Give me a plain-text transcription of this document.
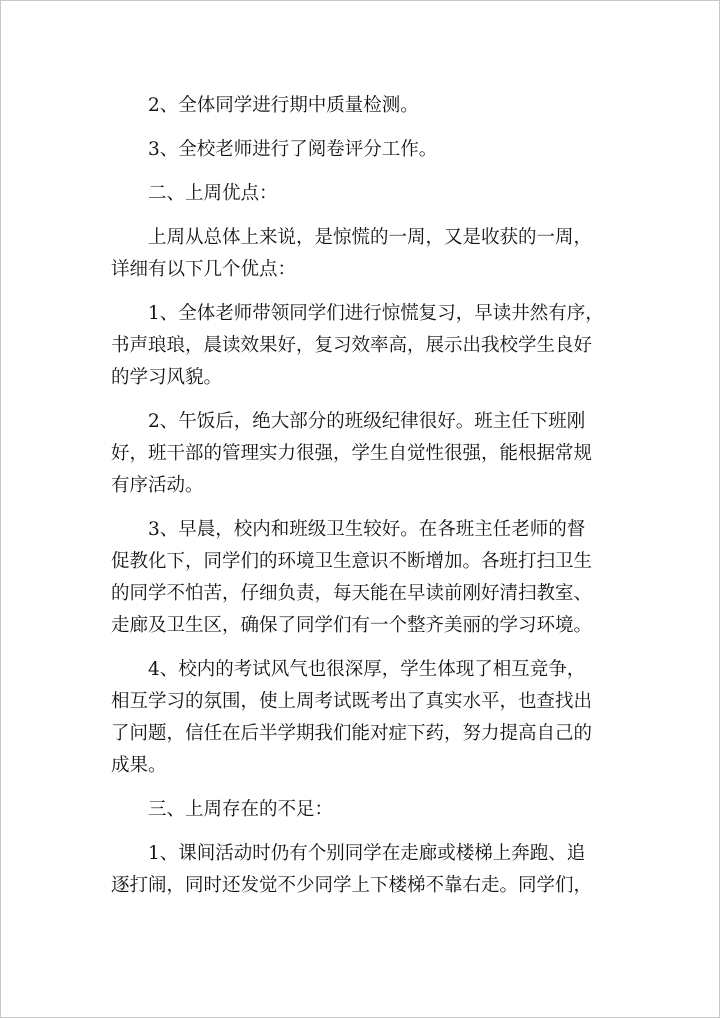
2、全体同学进行期中质量检测。
3、全校老师进行了阅卷评分工作。
二、上周优点：
上周从总体上来说，是惊慌的一周，又是收获的一周，
详细有以下几个优点：
1、全体老师带领同学们进行惊慌复习，早读井然有序，
书声琅琅，晨读效果好，复习效率高，展示出我校学生良好
的学习风貌。
2、午饭后，绝大部分的班级纪律很好。班主任下班刚
好，班干部的管理实力很强，学生自觉性很强，能根据常规
有序活动。
3、早晨，校内和班级卫生较好。在各班主任老师的督
促教化下，同学们的环境卫生意识不断增加。各班打扫卫生
的同学不怕苦，仔细负责，每天能在早读前刚好清扫教室、
走廊及卫生区，确保了同学们有一个整齐美丽的学习环境。
4、校内的考试风气也很深厚，学生体现了相互竞争，
相互学习的氛围，使上周考试既考出了真实水平，也查找出
了问题，信任在后半学期我们能对症下药，努力提高自己的
成果。
三、上周存在的不足：
1、课间活动时仍有个别同学在走廊或楼梯上奔跑、追
逐打闹，同时还发觉不少同学上下楼梯不靠右走。同学们，
